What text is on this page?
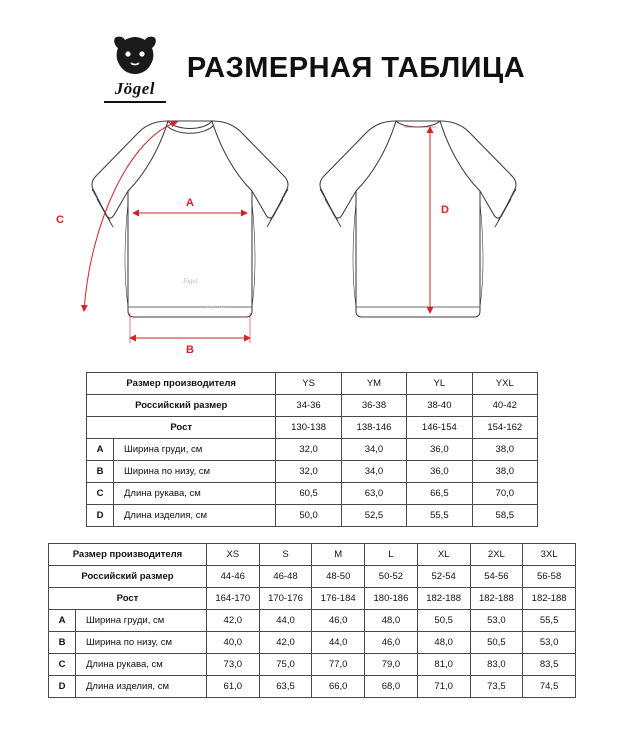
Jögel
РАЗМЕРНАЯ ТАБЛИЦА
Jögel
jogel.com
A
B
C
D
Размер производителя		YS	YM	YL	YXL
Российский размер		34-36	36-38	38-40	40-42
Рост		130-138	138-146	146-154	154-162
A	Ширина груди, см	32,0	34,0	36,0	38,0
B	Ширина по низу, см	32,0	34,0	36,0	38,0
C	Длина рукава, см	60,5	63,0	66,5	70,0
D	Длина изделия, см	50,0	52,5	55,5	58,5
Размер производителя		XS	S	M	L	XL	2XL	3XL
Российский размер		44-46	46-48	48-50	50-52	52-54	54-56	56-58
Рост		164-170	170-176	176-184	180-186	182-188	182-188	182-188
A	Ширина груди, см	42,0	44,0	46,0	48,0	50,5	53,0	55,5
B	Ширина по низу, см	40,0	42,0	44,0	46,0	48,0	50,5	53,0
C	Длина рукава, см	73,0	75,0	77,0	79,0	81,0	83,0	83,5
D	Длина изделия, см	61,0	63,5	66,0	68,0	71,0	73,5	74,5
